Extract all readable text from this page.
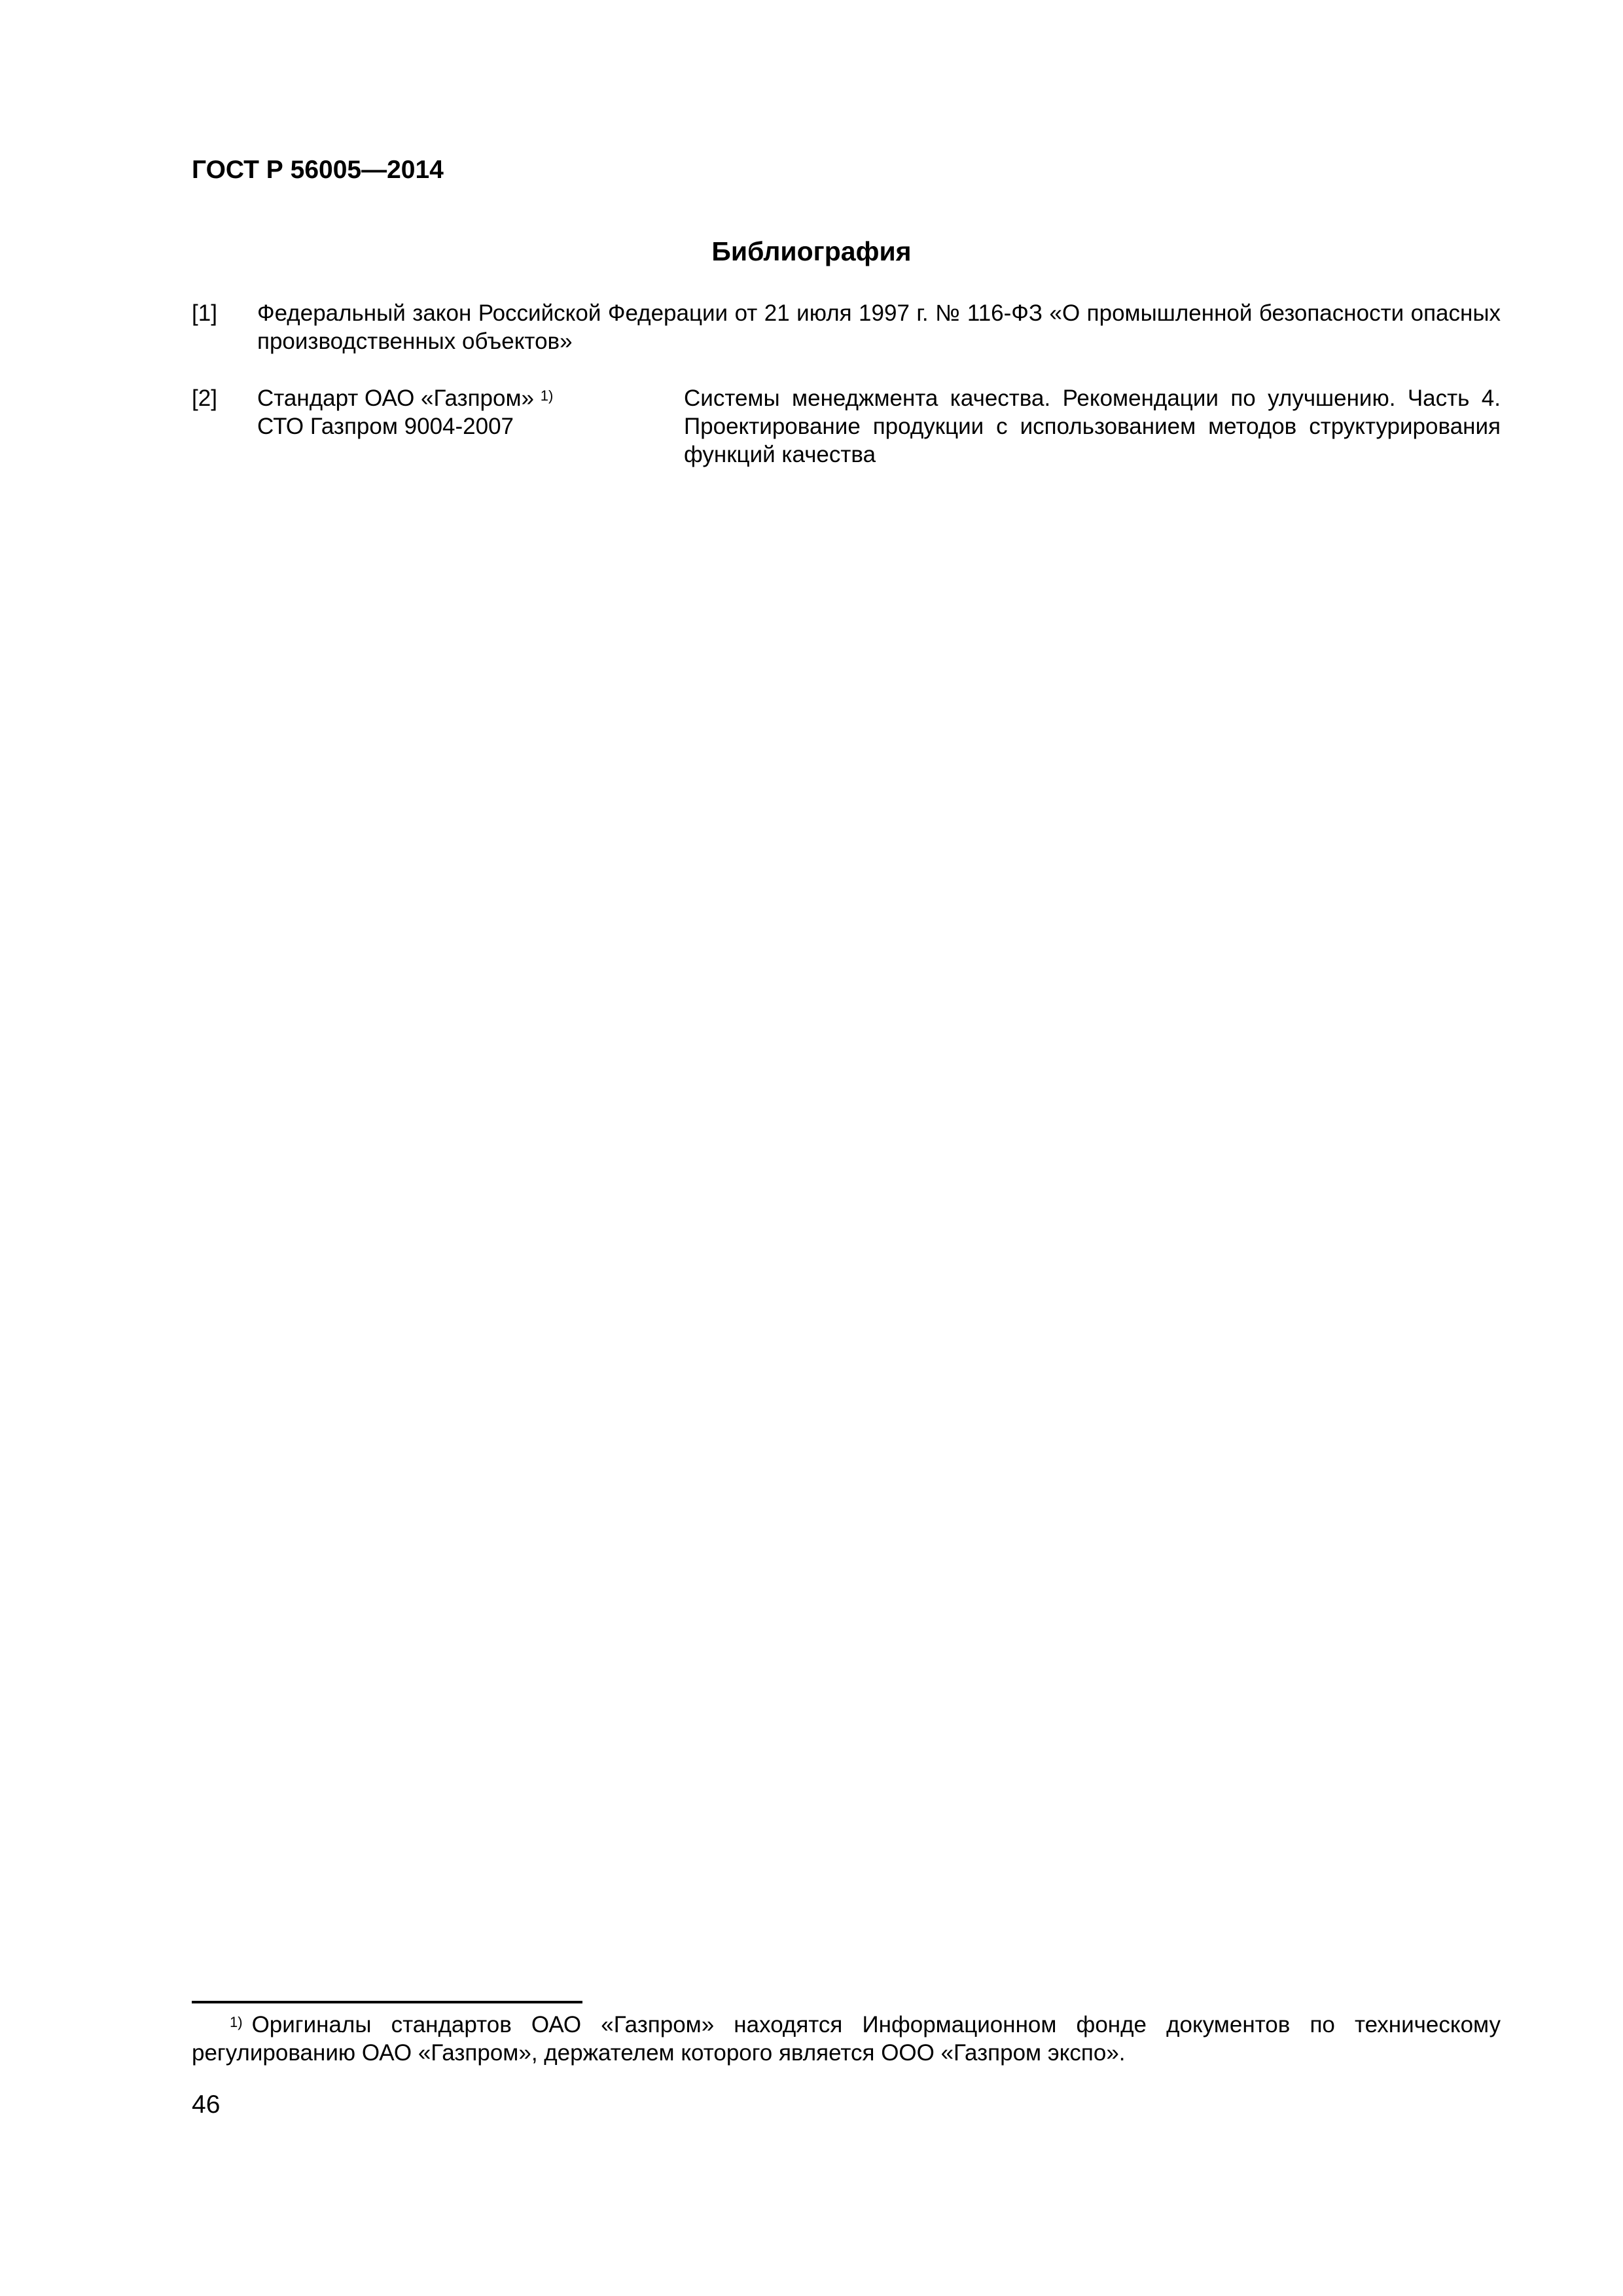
ГОСТ Р 56005—2014
Библиография
[1] Федеральный закон Российской Федерации от 21 июля 1997 г. № 116-ФЗ «О промышленной безопасности опасных производственных объектов»
[2] Стандарт ОАО «Газпром» $^{1)}$
СТО Газпром 9004-2007
Системы менеджмента качества. Рекомендации по улучшению. Часть 4.
Проектирование продукции с использованием методов структурирования
функций качества
$^{1)}$ Оригиналы стандартов ОАО «Газпром» находятся Информационном фонде документов по техническому
регулированию ОАО «Газпром», держателем которого является ООО «Газпром экспо».
46
